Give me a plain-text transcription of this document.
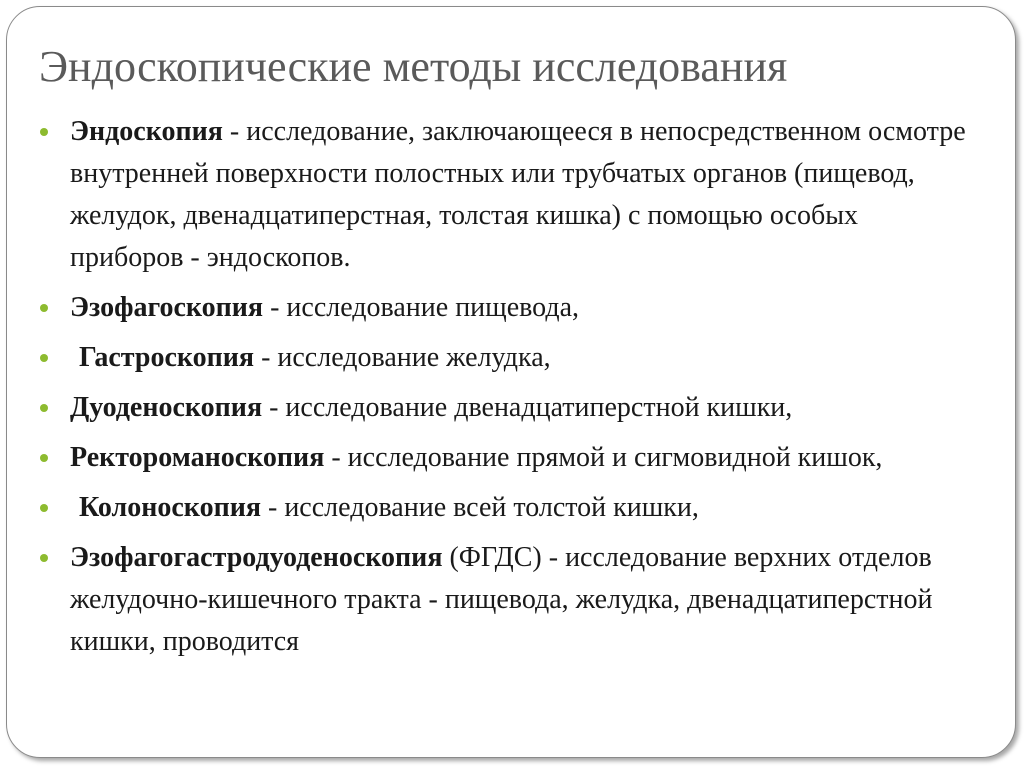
Эндоскопические методы исследования
Эндоскопия - исследование, заключающееся в непосредственном осмотре внутренней поверхности полостных или трубчатых органов (пищевод, желудок, двенадцатиперстная, толстая кишка) с помощью особых приборов - эндоскопов.
Эзофагоскопия - исследование пищевода,
Гастроскопия - исследование желудка,
Дуоденоскопия - исследование двенадцатиперстной кишки,
Ректороманоскопия - исследование прямой и сигмовидной кишок,
Колоноскопия - исследование всей толстой кишки,
Эзофагогастродуоденоскопия (ФГДС) - исследование верхних отделов желудочно-кишечного тракта - пищевода, желудка, двенадцатиперстной кишки, проводится
